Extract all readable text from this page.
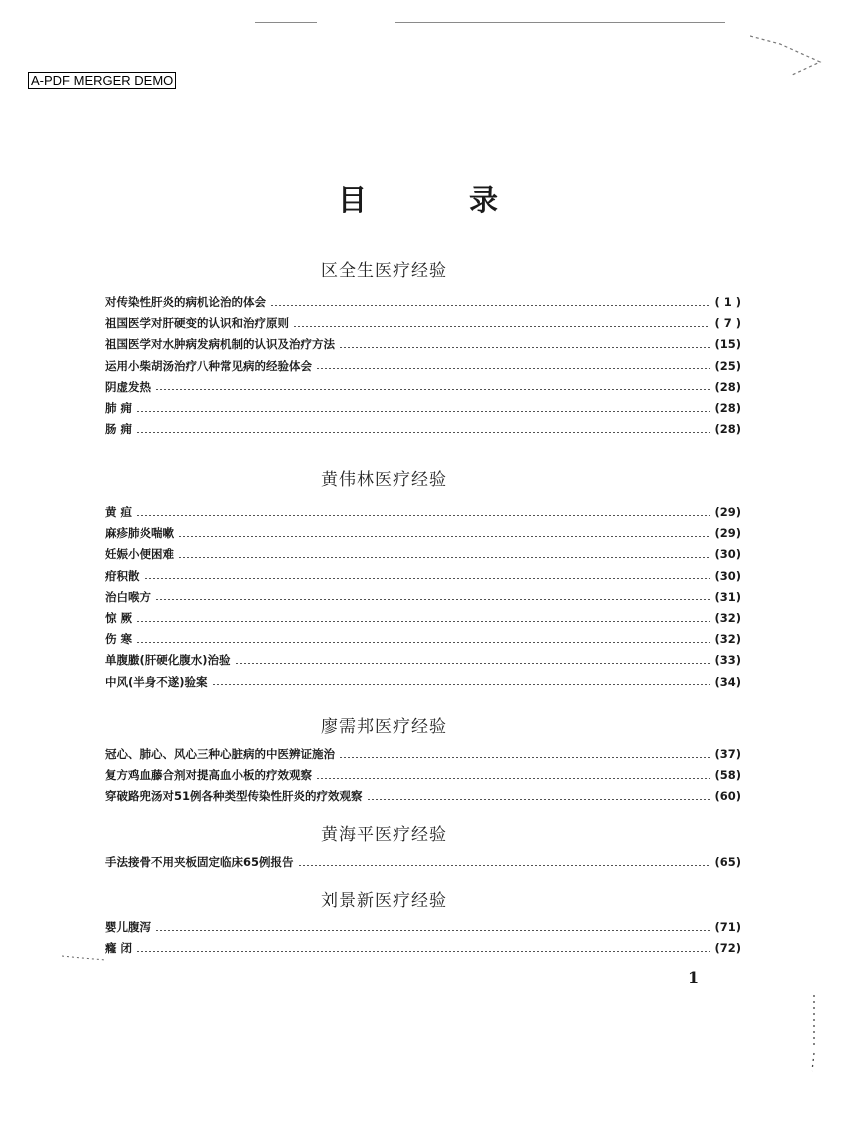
A-PDF MERGER DEMO
目 录
区全生医疗经验
对传染性肝炎的病机论治的体会	( 1 )
祖国医学对肝硬变的认识和治疗原则	( 7 )
祖国医学对水肿病发病机制的认识及治疗方法	(15)
运用小柴胡汤治疗八种常见病的经验体会	(25)
阴虚发热	(28)
肺 痈	(28)
肠 痈	(28)
黄伟林医疗经验
黄 疸	(29)
麻疹肺炎喘嗽	(29)
妊娠小便困难	(30)
疳积散	(30)
治白喉方	(31)
惊 厥	(32)
伤 寒	(32)
单腹臌(肝硬化腹水)治验	(33)
中风(半身不遂)验案	(34)
廖需邦医疗经验
冠心、肺心、风心三种心脏病的中医辨证施治	(37)
复方鸡血藤合剂对提高血小板的疗效观察	(58)
穿破路兜汤对51例各种类型传染性肝炎的疗效观察	(60)
黄海平医疗经验
手法接骨不用夹板固定临床65例报告	(65)
刘景新医疗经验
婴儿腹泻	(71)
癃 闭	(72)
1
